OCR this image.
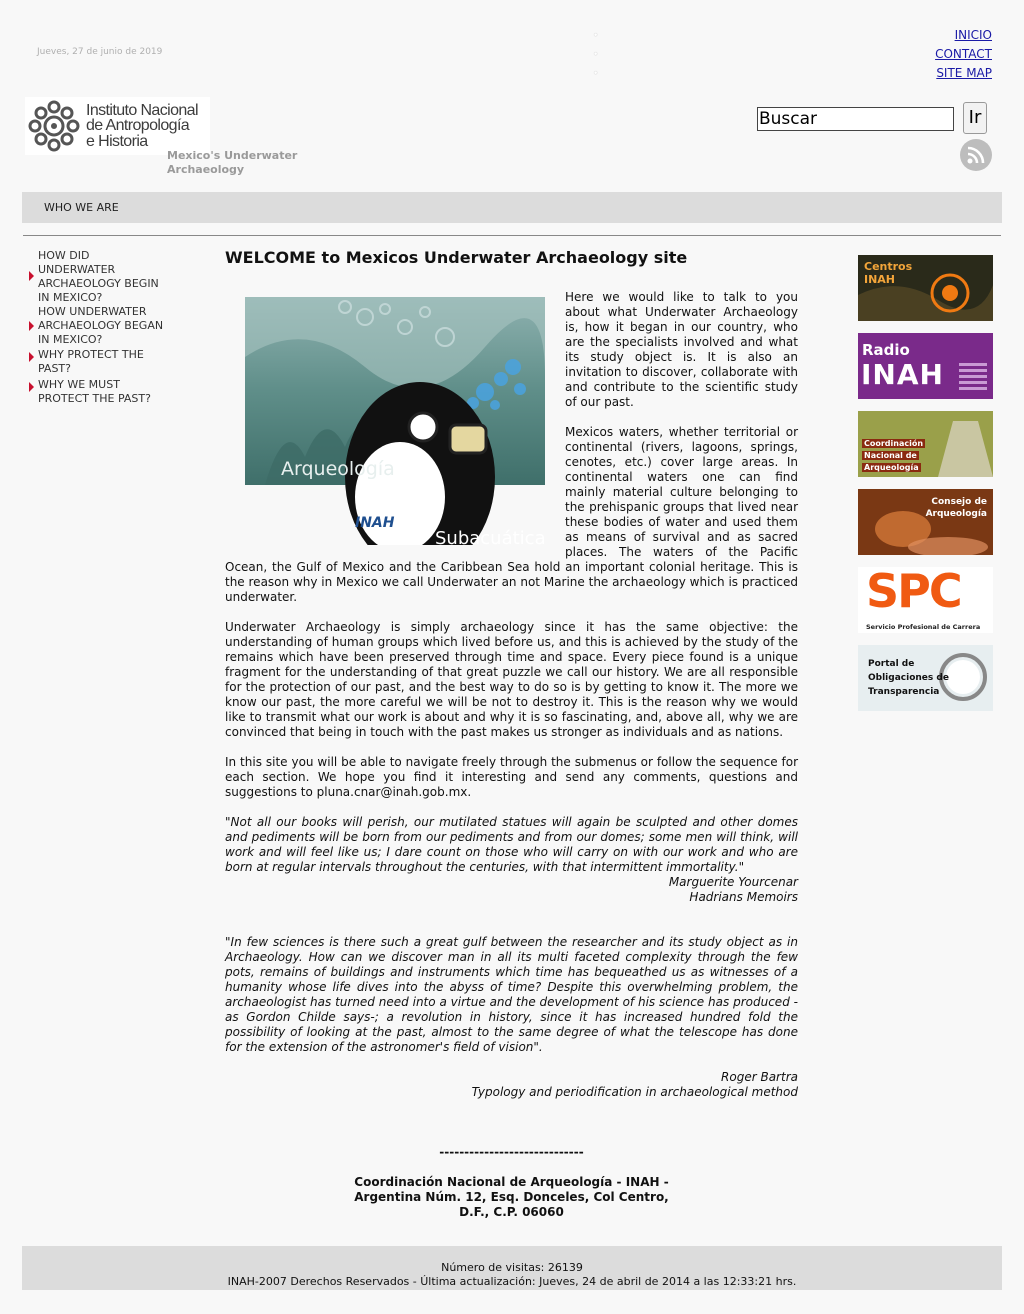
Jueves, 27 de junio de 2019
•
•
•
INICIO
CONTACT
SITE MAP
Instituto Nacional
de Antropología
e Historia
Mexico's Underwater
Archaeology
Buscar	Ir
WHO WE ARE
HOW DID
UNDERWATER
ARCHAEOLOGY BEGIN
IN MEXICO?
HOW UNDERWATER
ARCHAEOLOGY BEGAN
IN MEXICO?
WHY PROTECT THE
PAST?
WHY WE MUST
PROTECT THE PAST?
WELCOME to Mexicos Underwater Archaeology site
Arqueología
Subacuática
INAH

Here we would like to talk to you about what Underwater Archaeology is, how it began in our country, who are the specialists involved and what its study object is. It is also an invitation to discover, collaborate with and contribute to the scientific study of our past.

Mexicos waters, whether territorial or continental (rivers, lagoons, springs, cenotes, etc.) cover large areas. In continental waters one can find mainly material culture belonging to the prehispanic groups that lived near these bodies of water and used them as means of survival and as sacred places. The waters of the Pacific Ocean, the Gulf of Mexico and the Caribbean Sea hold an important colonial heritage. This is the reason why in Mexico we call Underwater an not Marine the archaeology which is practiced underwater.

Underwater Archaeology is simply archaeology since it has the same objective: the understanding of human groups which lived before us, and this is achieved by the study of the remains which have been preserved through time and space. Every piece found is a unique fragment for the understanding of that great puzzle we call our history. We are all responsible for the protection of our past, and the best way to do so is by getting to know it. The more we know our past, the more careful we will be not to destroy it. This is the reason why we would like to transmit what our work is about and why it is so fascinating, and, above all, why we are convinced that being in touch with the past makes us stronger as individuals and as nations.

In this site you will be able to navigate freely through the submenus or follow the sequence for each section. We hope you find it interesting and send any comments, questions and suggestions to pluna.cnar@inah.gob.mx.

"Not all our books will perish, our mutilated statues will again be sculpted and other domes and pediments will be born from our pediments and from our domes; some men will think, will work and will feel like us; I dare count on those who will carry on with our work and who are born at regular intervals throughout the centuries, with that intermittent immortality."

Marguerite Yourcenar
Hadrians Memoirs

"In few sciences is there such a great gulf between the researcher and its study object as in Archaeology. How can we discover man in all its multi faceted complexity through the few pots, remains of buildings and instruments which time has bequeathed us as witnesses of a humanity whose life dives into the abyss of time? Despite this overwhelming problem, the archaeologist has turned need into a virtue and the development of his science has produced - as Gordon Childe says-; a revolution in history, since it has increased hundred fold the possibility of looking at the past, almost to the same degree of what the telescope has done for the extension of the astronomer's field of vision".

Roger Bartra
Typology and periodification in archaeological method
-----------------------------
Coordinación Nacional de Arqueología - INAH -
Argentina Núm. 12, Esq. Donceles, Col Centro,
D.F., C.P. 06060
Centros
INAH
Radio
INAH
Coordinación
Nacional de
Arqueología
Consejo de
Arqueología
SPC
Servicio Profesional de Carrera
Portal de
Obligaciones de
Transparencia
Número de visitas: 26139
INAH-2007 Derechos Reservados - Última actualización: Jueves, 24 de abril de 2014 a las 12:33:21 hrs.
